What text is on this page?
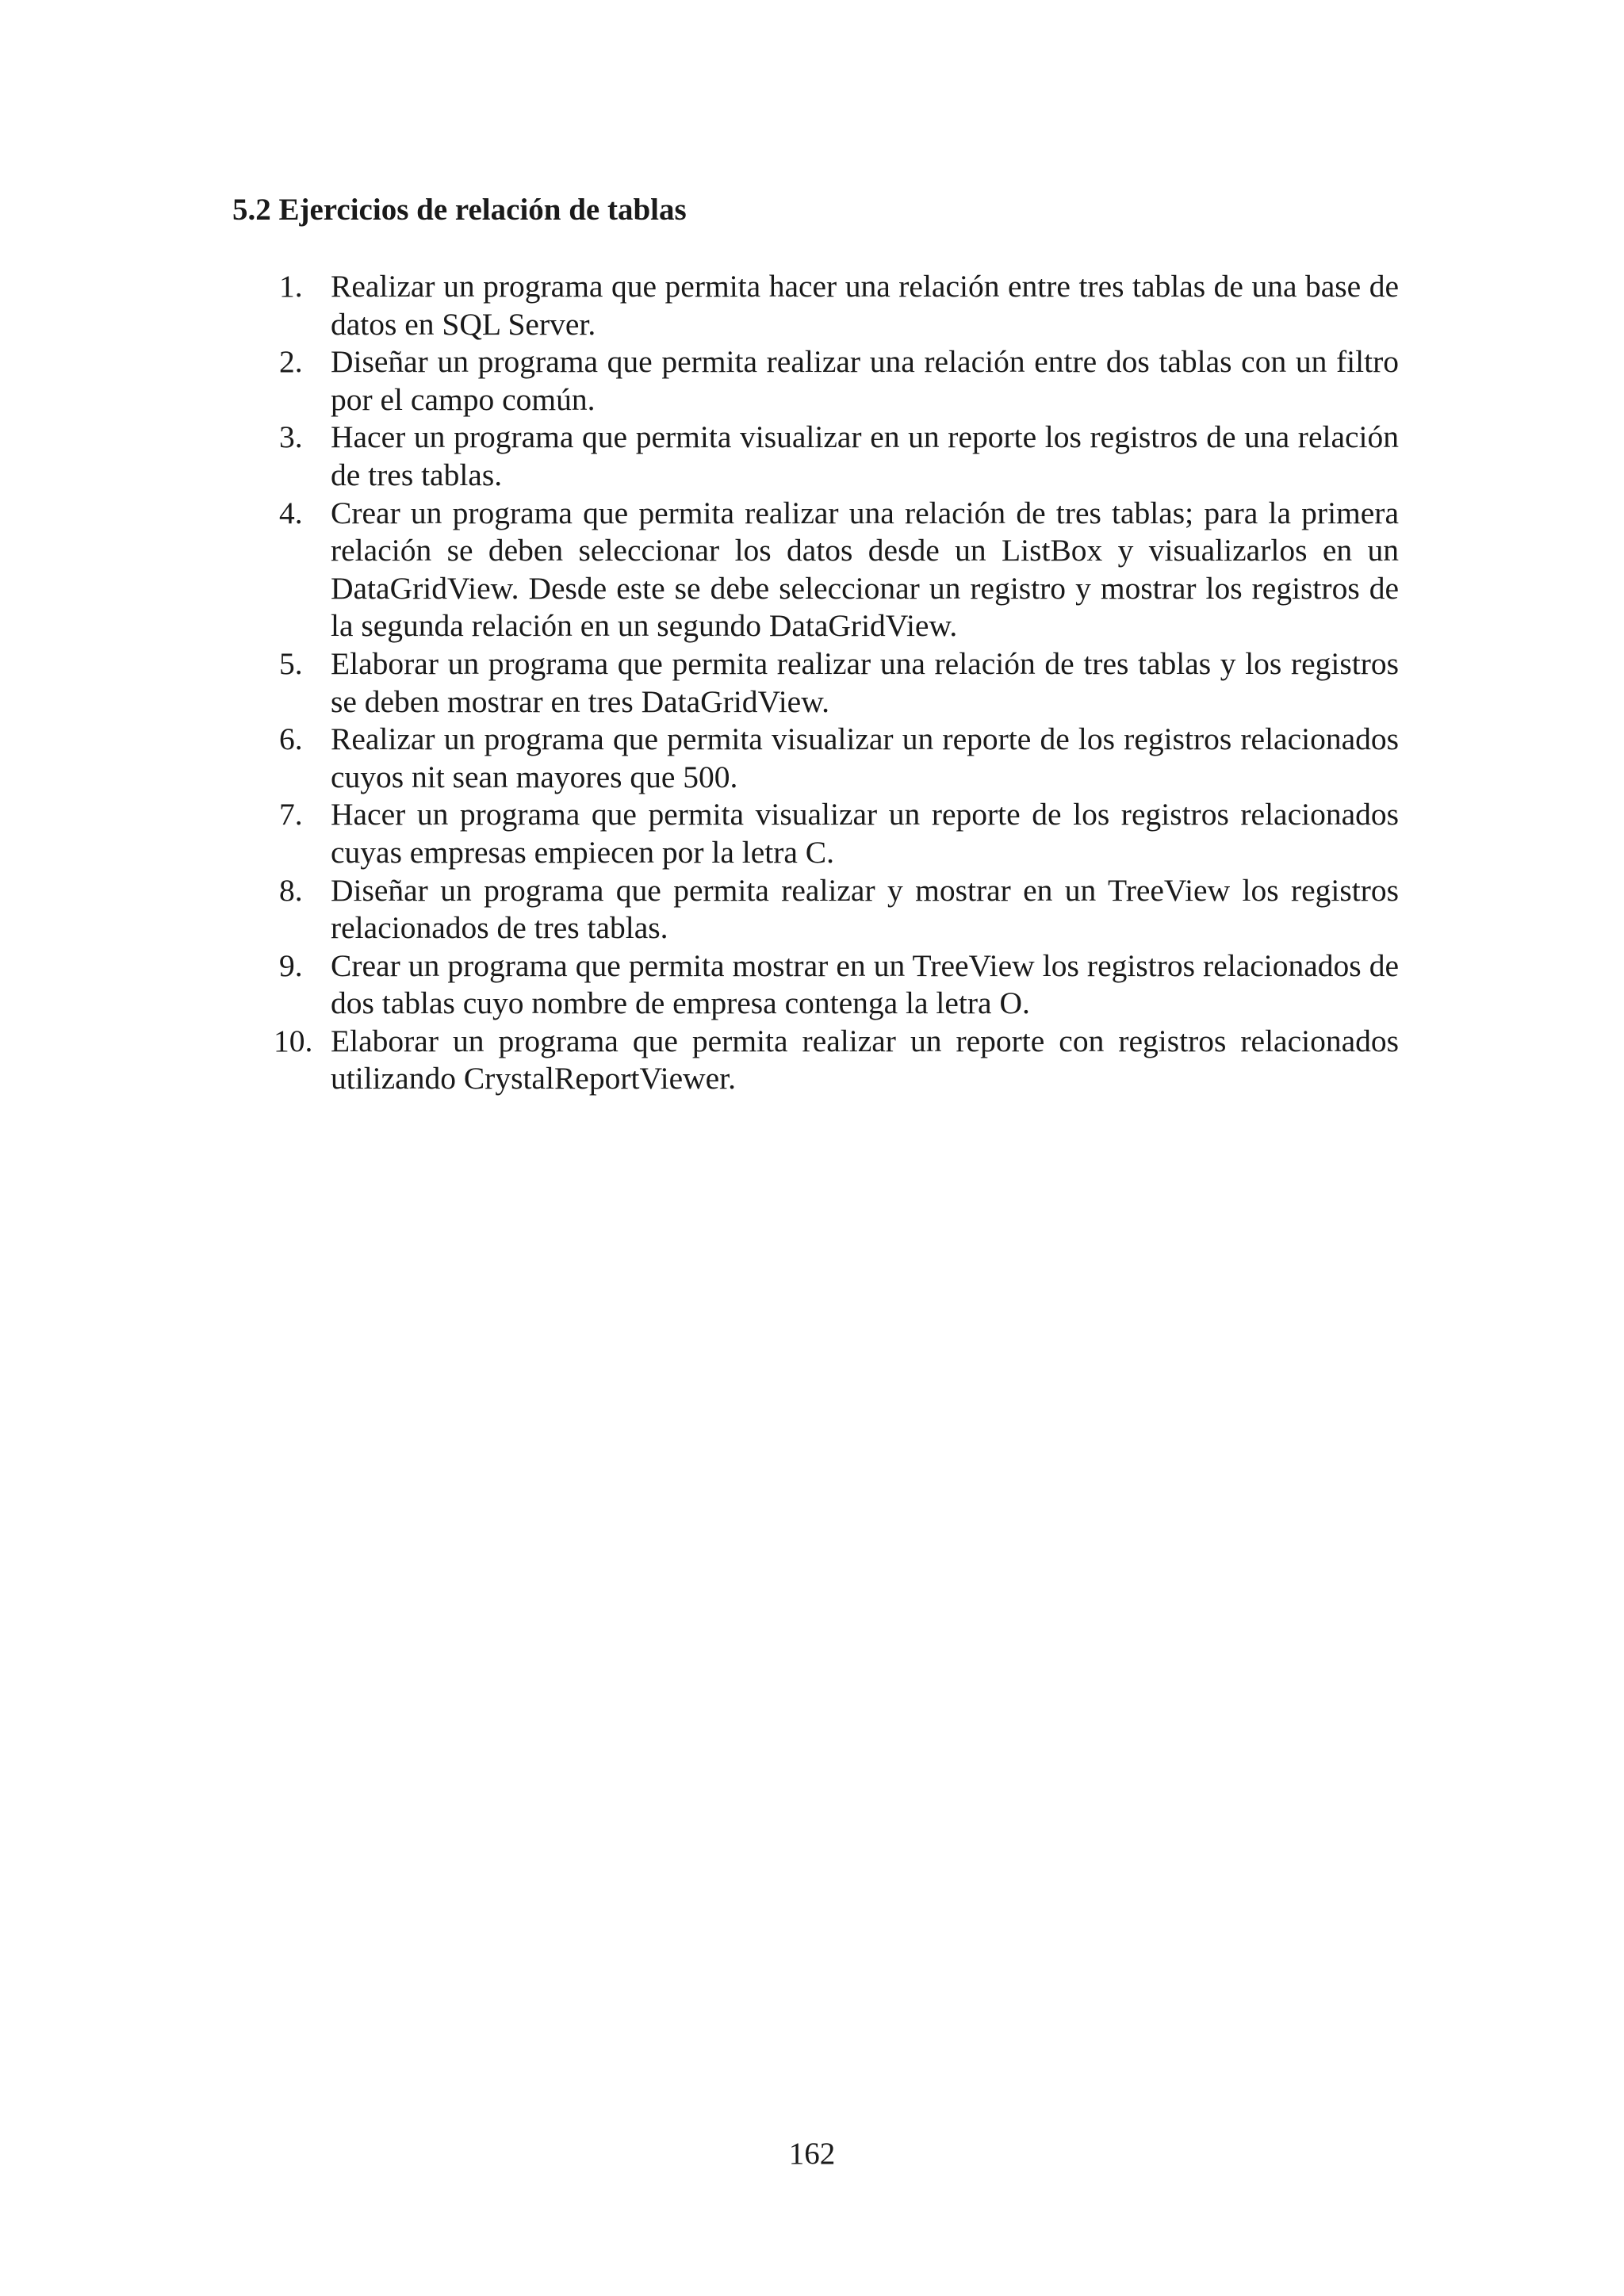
5.2 Ejercicios de relación de tablas
1. Realizar un programa que permita hacer una relación entre tres tablas de una base de datos en SQL Server.
2. Diseñar un programa que permita realizar una relación entre dos tablas con un filtro por el campo común.
3. Hacer un programa que permita visualizar en un reporte los registros de una relación de tres tablas.
4. Crear un programa que permita realizar una relación de tres tablas; para la primera relación se deben seleccionar los datos desde un ListBox y visualizarlos en un DataGridView. Desde este se debe seleccionar un registro y mostrar los registros de la segunda relación en un segundo DataGridView.
5. Elaborar un programa que permita realizar una relación de tres tablas y los registros se deben mostrar en tres DataGridView.
6. Realizar un programa que permita visualizar un reporte de los registros relacionados cuyos nit sean mayores que 500.
7. Hacer un programa que permita visualizar un reporte de los registros relacionados cuyas empresas empiecen por la letra C.
8. Diseñar un programa que permita realizar y mostrar en un TreeView los registros relacionados de tres tablas.
9. Crear un programa que permita mostrar en un TreeView los registros relacionados de dos tablas cuyo nombre de empresa contenga la letra O.
10. Elaborar un programa que permita realizar un reporte con registros relacionados utilizando CrystalReportViewer.

162
